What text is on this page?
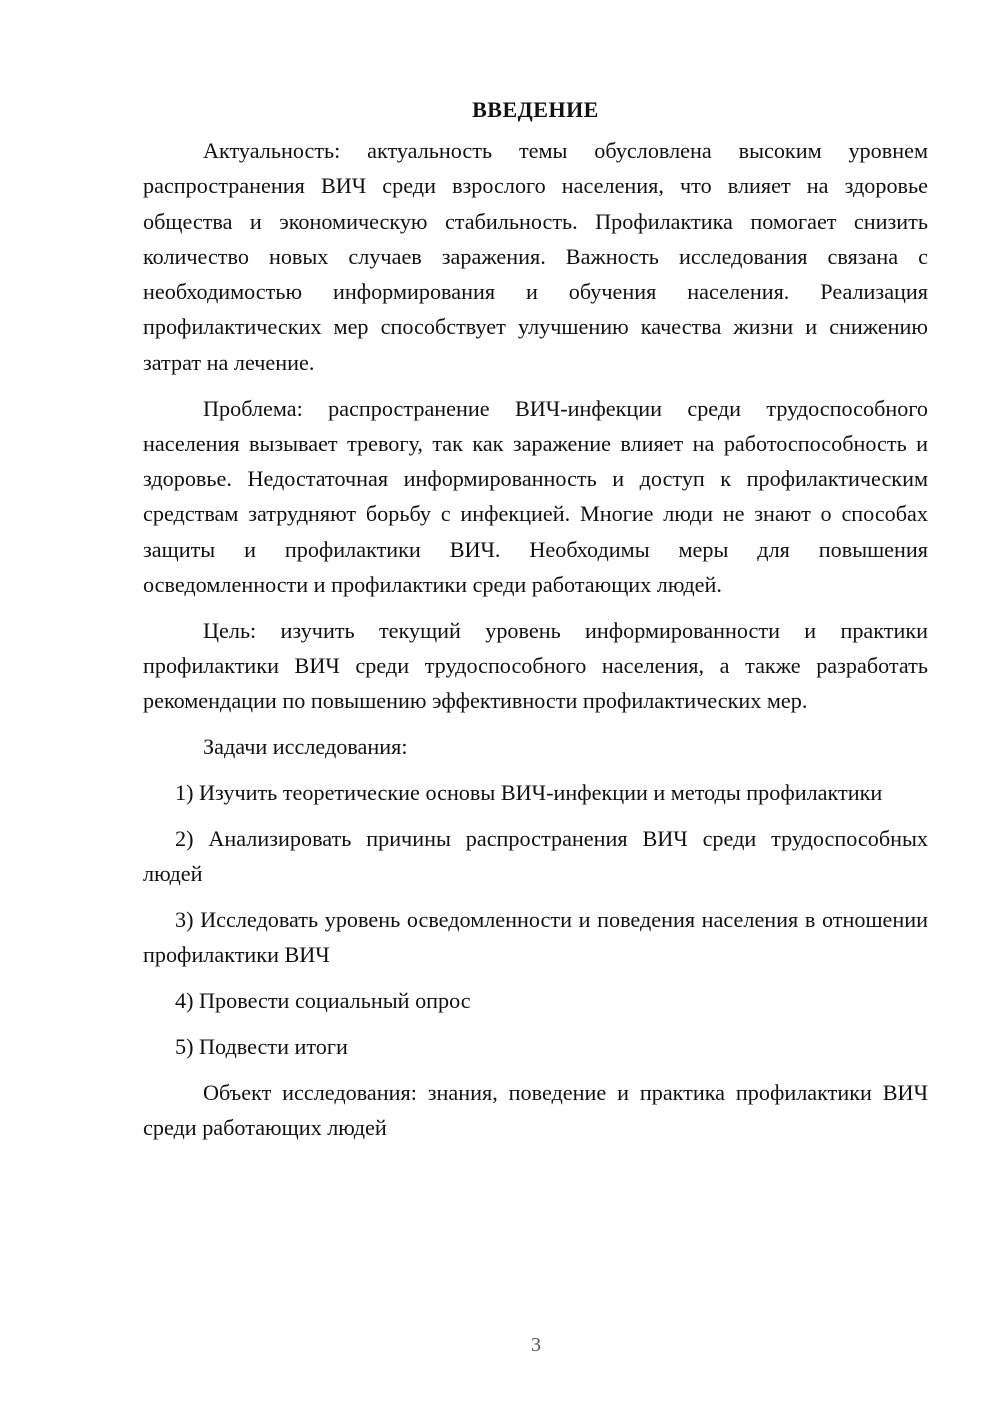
ВВЕДЕНИЕ

Актуальность: актуальность темы обусловлена высоким уровнем распространения ВИЧ среди взрослого населения, что влияет на здоровье общества и экономическую стабильность. Профилактика помогает снизить количество новых случаев заражения. Важность исследования связана с необходимостью информирования и обучения населения. Реализация профилактических мер способствует улучшению качества жизни и снижению затрат на лечение.

Проблема: распространение ВИЧ-инфекции среди трудоспособного населения вызывает тревогу, так как заражение влияет на работоспособность и здоровье. Недостаточная информированность и доступ к профилактическим средствам затрудняют борьбу с инфекцией. Многие люди не знают о способах защиты и профилактики ВИЧ. Необходимы меры для повышения осведомленности и профилактики среди работающих людей.

Цель: изучить текущий уровень информированности и практики профилактики ВИЧ среди трудоспособного населения, а также разработать рекомендации по повышению эффективности профилактических мер.

Задачи исследования:

1) Изучить теоретические основы ВИЧ-инфекции и методы профилактики

2) Анализировать причины распространения ВИЧ среди трудоспособных людей

3) Исследовать уровень осведомленности и поведения населения в отношении профилактики ВИЧ

4) Провести социальный опрос

5) Подвести итоги

Объект исследования: знания, поведение и практика профилактики ВИЧ среди работающих людей

3
